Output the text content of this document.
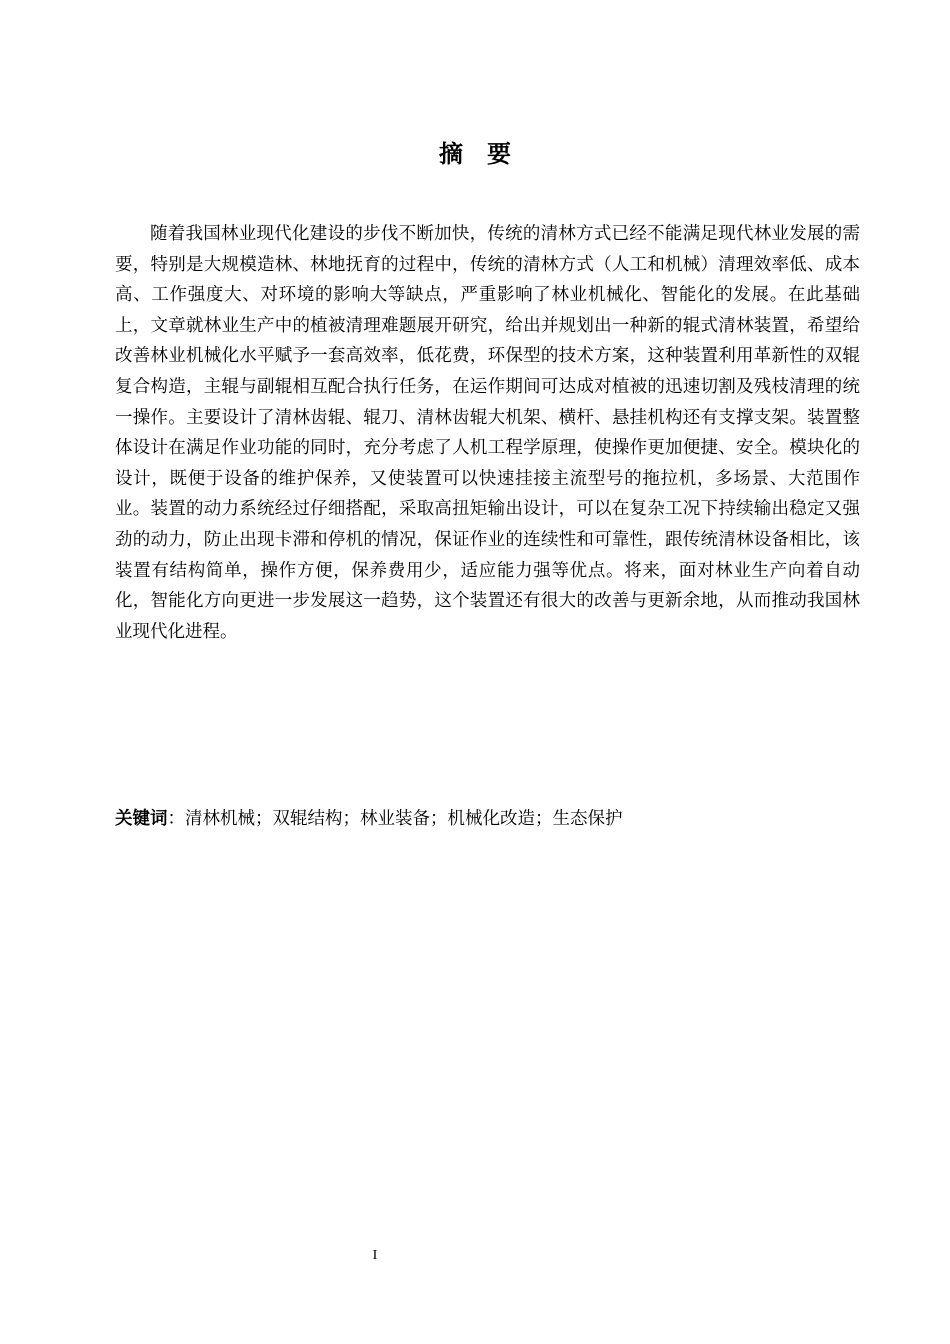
摘 要

随着我国林业现代化建设的步伐不断加快，传统的清林方式已经不能满足现代林业发展的需要，特别是大规模造林、林地抚育的过程中，传统的清林方式（人工和机械）清理效率低、成本高、工作强度大、对环境的影响大等缺点，严重影响了林业机械化、智能化的发展。在此基础上，文章就林业生产中的植被清理难题展开研究，给出并规划出一种新的辊式清林装置，希望给改善林业机械化水平赋予一套高效率，低花费，环保型的技术方案，这种装置利用革新性的双辊复合构造，主辊与副辊相互配合执行任务，在运作期间可达成对植被的迅速切割及残枝清理的统一操作。主要设计了清林齿辊、辊刀、清林齿辊大机架、横杆、悬挂机构还有支撑支架。装置整体设计在满足作业功能的同时，充分考虑了人机工程学原理，使操作更加便捷、安全。模块化的设计，既便于设备的维护保养，又使装置可以快速挂接主流型号的拖拉机，多场景、大范围作业。装置的动力系统经过仔细搭配，采取高扭矩输出设计，可以在复杂工况下持续输出稳定又强劲的动力，防止出现卡滞和停机的情况，保证作业的连续性和可靠性，跟传统清林设备相比，该装置有结构简单，操作方便，保养费用少，适应能力强等优点。将来，面对林业生产向着自动化，智能化方向更进一步发展这一趋势，这个装置还有很大的改善与更新余地，从而推动我国林业现代化进程。

关键词：清林机械；双辊结构；林业装备；机械化改造；生态保护

I
